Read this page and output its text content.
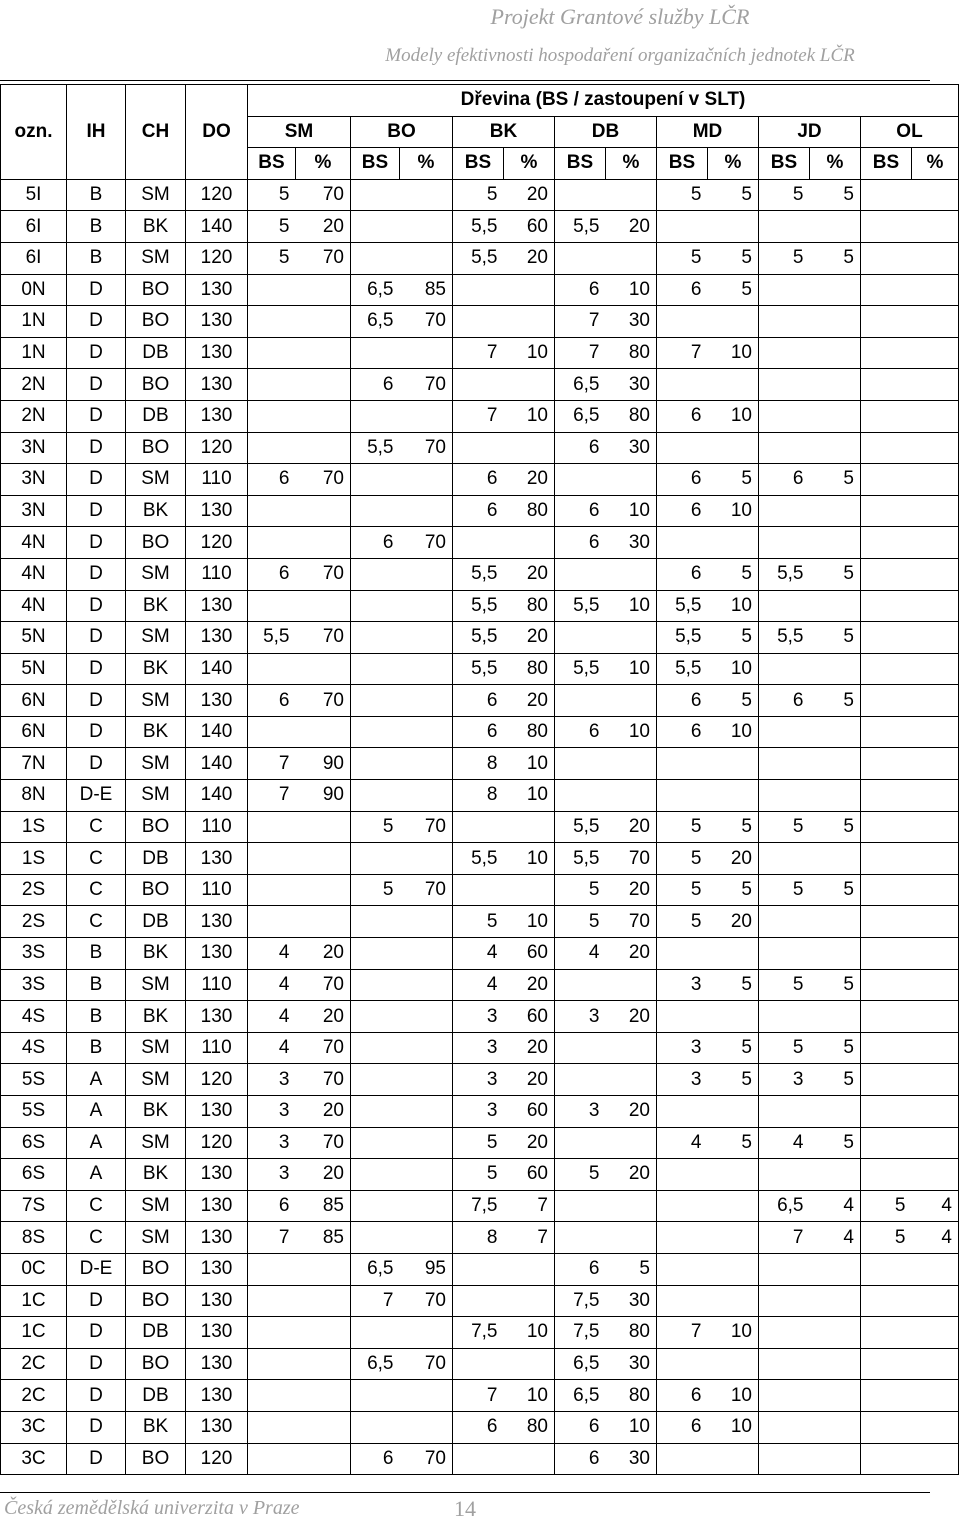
Projekt Grantové služby LČR
Modely efektivnosti hospodaření organizačních jednotek LČR
				Dřevina (BS / zastoupení v SLT)													
ozn.	IH	CH	DO	SM		BO		BK		DB		MD		JD		OL	
				BS	%	BS	%	BS	%	BS	%	BS	%	BS	%	BS	%
5I	B	SM	120	5	70			5	20			5	5	5	5		
6I	B	BK	140	5	20			5,5	60	5,5	20						
6I	B	SM	120	5	70			5,5	20			5	5	5	5		
0N	D	BO	130			6,5	85			6	10	6	5				
1N	D	BO	130			6,5	70			7	30						
1N	D	DB	130					7	10	7	80	7	10				
2N	D	BO	130			6	70			6,5	30						
2N	D	DB	130					7	10	6,5	80	6	10				
3N	D	BO	120			5,5	70			6	30						
3N	D	SM	110	6	70			6	20			6	5	6	5		
3N	D	BK	130					6	80	6	10	6	10				
4N	D	BO	120			6	70			6	30						
4N	D	SM	110	6	70			5,5	20			6	5	5,5	5		
4N	D	BK	130					5,5	80	5,5	10	5,5	10				
5N	D	SM	130	5,5	70			5,5	20			5,5	5	5,5	5		
5N	D	BK	140					5,5	80	5,5	10	5,5	10				
6N	D	SM	130	6	70			6	20			6	5	6	5		
6N	D	BK	140					6	80	6	10	6	10				
7N	D	SM	140	7	90			8	10								
8N	D-E	SM	140	7	90			8	10								
1S	C	BO	110			5	70			5,5	20	5	5	5	5		
1S	C	DB	130					5,5	10	5,5	70	5	20				
2S	C	BO	110			5	70			5	20	5	5	5	5		
2S	C	DB	130					5	10	5	70	5	20				
3S	B	BK	130	4	20			4	60	4	20						
3S	B	SM	110	4	70			4	20			3	5	5	5		
4S	B	BK	130	4	20			3	60	3	20						
4S	B	SM	110	4	70			3	20			3	5	5	5		
5S	A	SM	120	3	70			3	20			3	5	3	5		
5S	A	BK	130	3	20			3	60	3	20						
6S	A	SM	120	3	70			5	20			4	5	4	5		
6S	A	BK	130	3	20			5	60	5	20						
7S	C	SM	130	6	85			7,5	7					6,5	4	5	4
8S	C	SM	130	7	85			8	7					7	4	5	4
0C	D-E	BO	130			6,5	95			6	5						
1C	D	BO	130			7	70			7,5	30						
1C	D	DB	130					7,5	10	7,5	80	7	10				
2C	D	BO	130			6,5	70			6,5	30						
2C	D	DB	130					7	10	6,5	80	6	10				
3C	D	BK	130					6	80	6	10	6	10				
3C	D	BO	120			6	70			6	30						
Česká zemědělská univerzita v Praze	14
